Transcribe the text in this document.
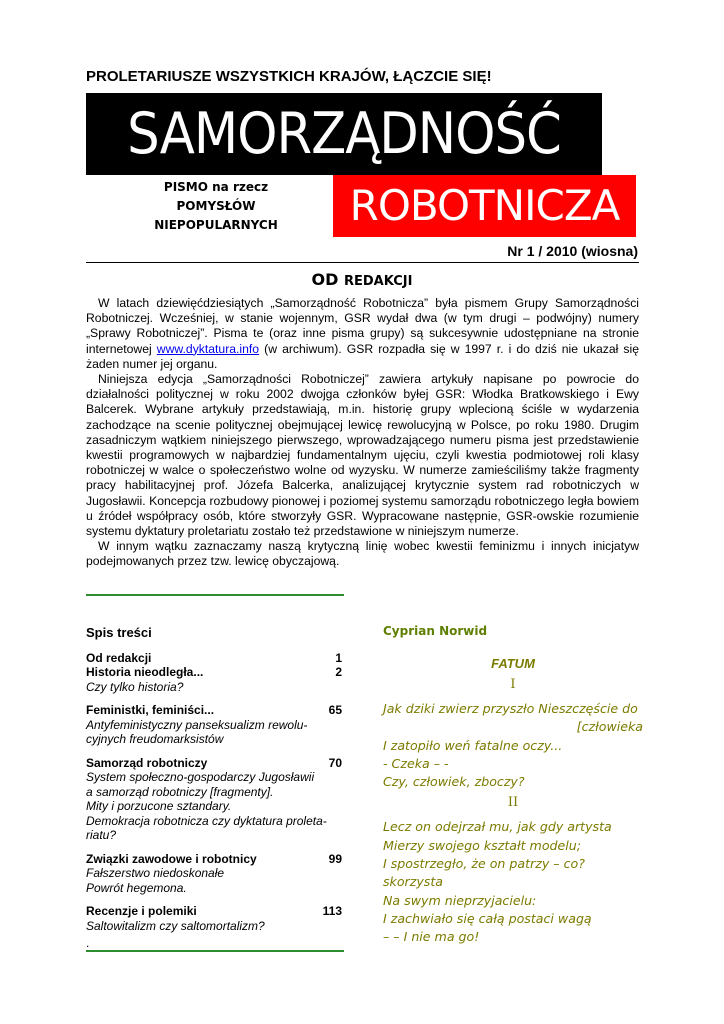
PROLETARIUSZE WSZYSTKICH KRAJÓW, ŁĄCZCIE SIĘ!
SAMORZĄDNOŚĆ
PISMO na rzecz
POMYSŁÓW
NIEPOPULARNYCH	ROBOTNICZA
Nr 1 / 2010 (wiosna)
OD REDAKCJI

W latach dziewięćdziesiątych „Samorządność Robotnicza” była pismem Grupy Samorządności Robotniczej. Wcześniej, w stanie wojennym, GSR wydał dwa (w tym drugi – podwójny) numery „Sprawy Robotniczej”. Pisma te (oraz inne pisma grupy) są sukcesywnie udostępniane na stronie internetowej www.dyktatura.info (w archiwum). GSR rozpadła się w 1997 r. i do dziś nie ukazał się żaden numer jej organu.

Niniejsza edycja „Samorządności Robotniczej” zawiera artykuły napisane po powrocie do działalności politycznej w roku 2002 dwojga członków byłej GSR: Włodka Bratkowskiego i Ewy Balcerek. Wybrane artykuły przedstawiają, m.in. historię grupy wplecioną ściśle w wydarzenia zachodzące na scenie politycznej obejmującej lewicę rewolucyjną w Polsce, po roku 1980. Drugim zasadniczym wątkiem niniejszego pierwszego, wprowadzającego numeru pisma jest przedstawienie kwestii programowych w najbardziej fundamentalnym ujęciu, czyli kwestia podmiotowej roli klasy robotniczej w walce o społeczeństwo wolne od wyzysku. W numerze zamieściliśmy także fragmenty pracy habilitacyjnej prof. Józefa Balcerka, analizującej krytycznie system rad robotniczych w Jugosławii. Koncepcja rozbudowy pionowej i poziomej systemu samorządu robotniczego legła bowiem u źródeł współpracy osób, które stworzyły GSR. Wypracowane następnie, GSR-owskie rozumienie systemu dyktatury proletariatu zostało też przedstawione w niniejszym numerze.

W innym wątku zaznaczamy naszą krytyczną linię wobec kwestii feminizmu i innych inicjatyw podejmowanych przez tzw. lewicę obyczajową.

Spis treści
Od redakcji	1
Historia nieodległa...	2
Czy tylko historia?
Feministki, feminiści...	65
Antyfeministyczny panseksualizm rewolu-
cyjnych freudomarksistów
Samorząd robotniczy	70
System społeczno-gospodarczy Jugosławii
a samorząd robotniczy [fragmenty].
Mity i porzucone sztandary.
Demokracja robotnicza czy dyktatura proleta-
riatu?
Związki zawodowe i robotnicy	99
Fałszerstwo niedoskonałe
Powrót hegemona.
Recenzje i polemiki	113
Saltowitalizm czy saltomortalizm?
.
Cyprian Norwid
FATUM
I
Jak dziki zwierz przyszło Nieszczęście do
[człowieka
I zatopiło weń fatalne oczy...
- Czeka – -
Czy, człowiek, zboczy?
II
Lecz on odejrzał mu, jak gdy artysta
Mierzy swojego kształt modelu;
I spostrzegło, że on patrzy – co? skorzysta
Na swym nieprzyjacielu:
I zachwiało się całą postaci wagą
– – I nie ma go!
